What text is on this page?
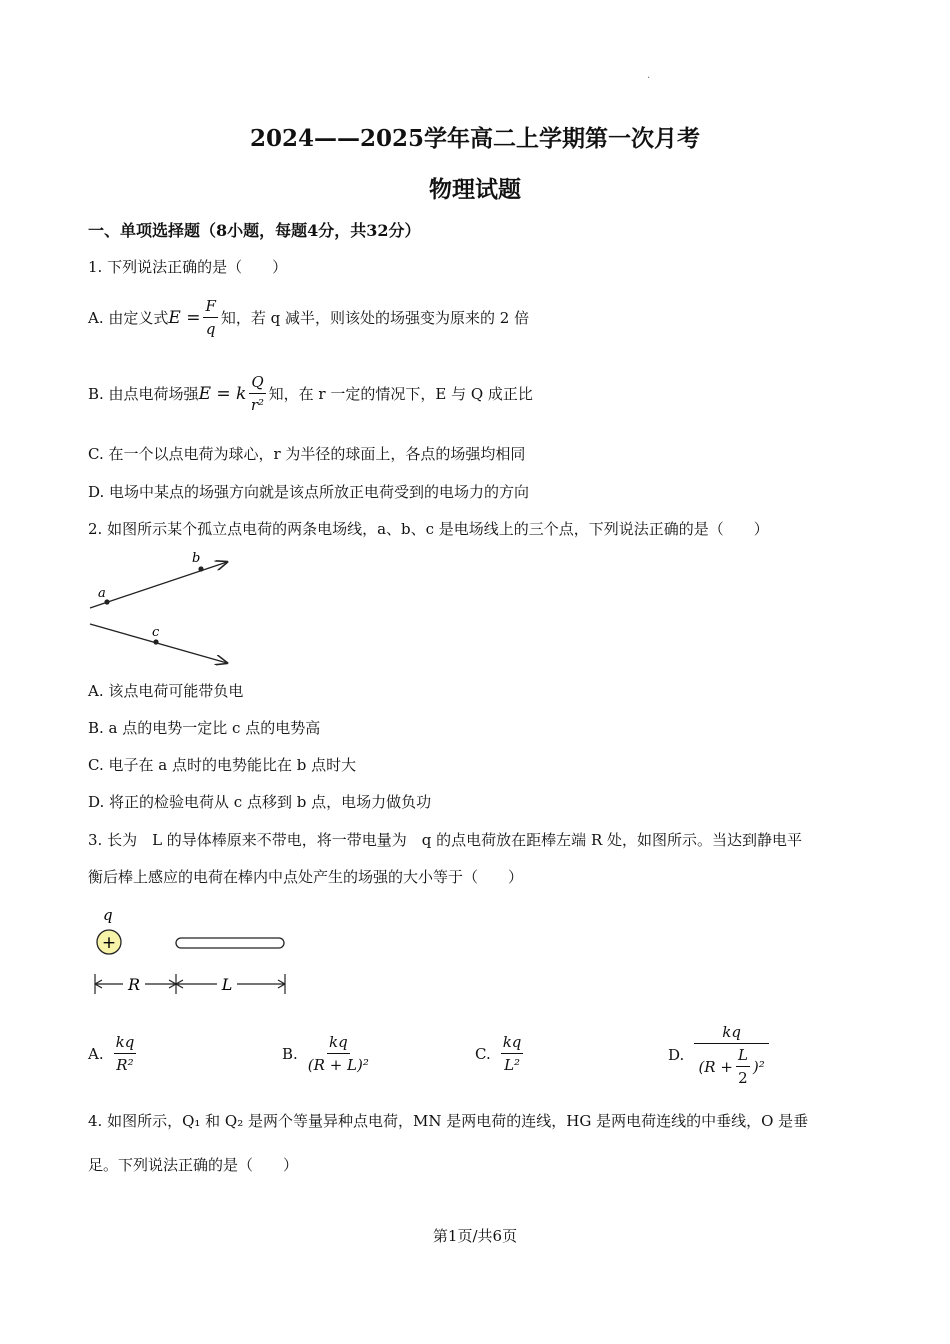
.
2024——2025学年高二上学期第一次月考
物理试题
一、单项选择题（8小题，每题4分，共32分）
1. 下列说法正确的是（　　）
A. 由定义式 $E = \frac{F}{q}$ 知，若 q 减半，则该处的场强变为原来的 2 倍
B. 由点电荷场强 E = k $\frac{Q}{\text{r²}}$ 知，在 r 一定的情况下，E 与 Q 成正比
C. 在一个以点电荷为球心，r 为半径的球面上，各点的场强均相同
D. 电场中某点的场强方向就是该点所放正电荷受到的电场力的方向
2. 如图所示某个孤立点电荷的两条电场线，a、b、c 是电场线上的三个点，下列说法正确的是（　　）
a
b
c
A. 该点电荷可能带负电
B. a 点的电势一定比 c 点的电势高
C. 电子在 a 点时的电势能比在 b 点时大
D. 将正的检验电荷从 c 点移到 b 点，电场力做负功
3. 长为　L 的导体棒原来不带电，将一带电量为　q 的点电荷放在距棒左端 R 处，如图所示。当达到静电平
衡后棒上感应的电荷在棒内中点处产生的场强的大小等于（　　）
q
+
R	L
A. $\frac{kq}{\text{R²}}$	B. $\frac{kq}{\text{(R + L)²}}$	C. $\frac{kq}{\text{L²}}$	D. $\frac{kq}{(R + \frac{L}{2} )^2}$
4. 如图所示，Q₁ 和 Q₂ 是两个等量异种点电荷，MN 是两电荷的连线，HG 是两电荷连线的中垂线，O 是垂
足。下列说法正确的是（　　）
第1页/共6页
